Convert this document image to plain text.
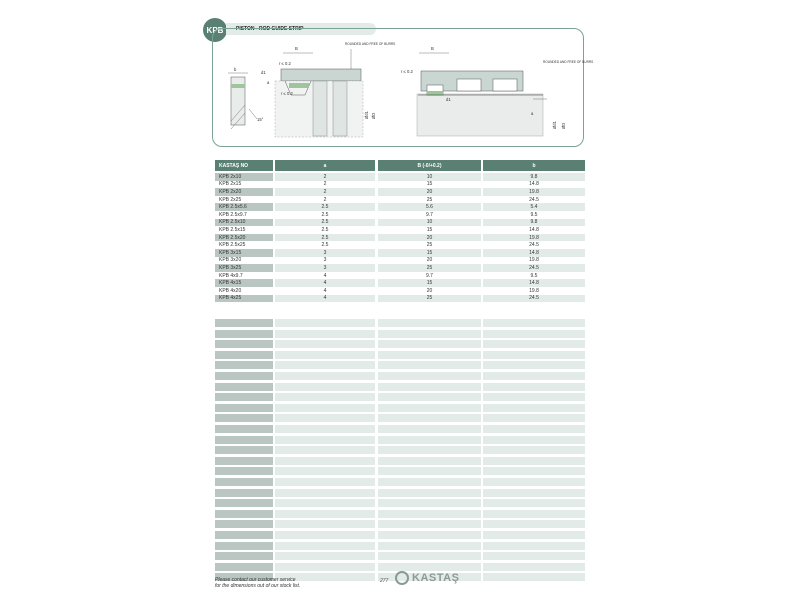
KPB	PISTON - ROD GUIDE STRIP
b
B
r ≤ 0.2
r ≤ 0.2
a
d1
15°
ROUNDED AND FREE OF BURRS
Ød1 ØD
B
r ≤ 0.2
ROUNDED AND FREE OF BURRS
d1
a
Ød1 ØD
KASTAŞ NO	a	B (-0/+0.2)	b
KPB 2x10	2	10	9.8
KPB 2x15	2	15	14.8
KPB 2x20	2	20	19.8
KPB 2x25	2	25	24.5
KPB 2.5x5.6	2.5	5.6	5.4
KPB 2.5x9.7	2.5	9.7	9.5
KPB 2.5x10	2.5	10	9.8
KPB 2.5x15	2.5	15	14.8
KPB 2.5x20	2.5	20	19.8
KPB 2.5x25	2.5	25	24.5
KPB 3x15	3	15	14.8
KPB 3x20	3	20	19.8
KPB 3x25	3	25	24.5
KPB 4x9.7	4	9.7	9.5
KPB 4x15	4	15	14.8
KPB 4x20	4	20	19.8
KPB 4x25	4	25	24.5
Please contact our customer service
for the dimensions out of our stock list.
277 KASTAŞ
